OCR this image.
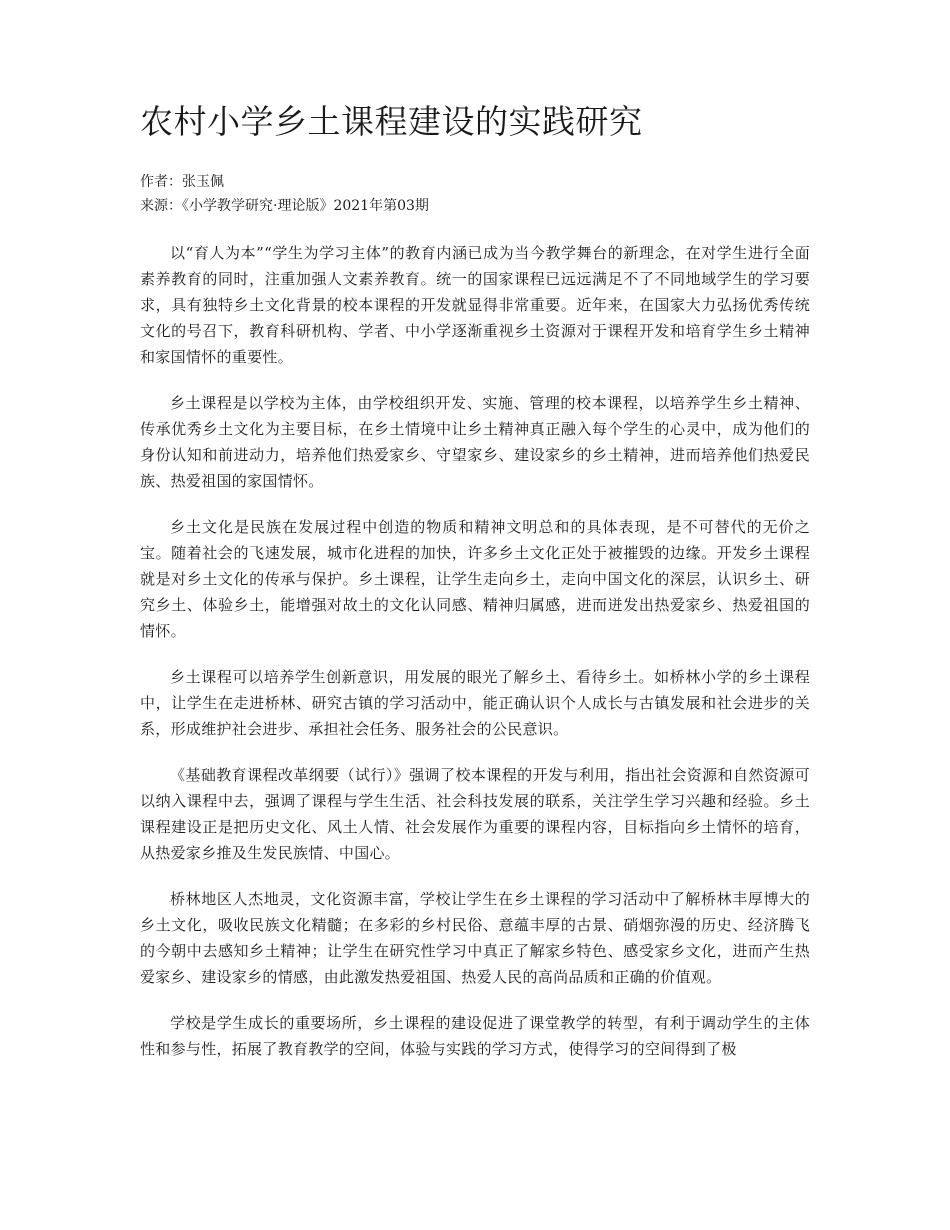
农村小学乡土课程建设的实践研究
作者：张玉佩
来源：《小学教学研究·理论版》2021年第03期

以“育人为本”“学生为学习主体”的教育内涵已成为当今教学舞台的新理念，在对学生进行全面素养教育的同时，注重加强人文素养教育。统一的国家课程已远远满足不了不同地域学生的学习要求，具有独特乡土文化背景的校本课程的开发就显得非常重要。近年来，在国家大力弘扬优秀传统文化的号召下，教育科研机构、学者、中小学逐渐重视乡土资源对于课程开发和培育学生乡土精神和家国情怀的重要性。

乡土课程是以学校为主体，由学校组织开发、实施、管理的校本课程，以培养学生乡土精神、传承优秀乡土文化为主要目标，在乡土情境中让乡土精神真正融入每个学生的心灵中，成为他们的身份认知和前进动力，培养他们热爱家乡、守望家乡、建设家乡的乡土精神，进而培养他们热爱民族、热爱祖国的家国情怀。

乡土文化是民族在发展过程中创造的物质和精神文明总和的具体表现，是不可替代的无价之宝。随着社会的飞速发展，城市化进程的加快，许多乡土文化正处于被摧毁的边缘。开发乡土课程就是对乡土文化的传承与保护。乡土课程，让学生走向乡土，走向中国文化的深层，认识乡土、研究乡土、体验乡土，能增强对故土的文化认同感、精神归属感，进而迸发出热爱家乡、热爱祖国的情怀。

乡土课程可以培养学生创新意识，用发展的眼光了解乡土、看待乡土。如桥林小学的乡土课程中，让学生在走进桥林、研究古镇的学习活动中，能正确认识个人成长与古镇发展和社会进步的关系，形成维护社会进步、承担社会任务、服务社会的公民意识。

《基础教育课程改革纲要（试行）》强调了校本课程的开发与利用，指出社会资源和自然资源可以纳入课程中去，强调了课程与学生生活、社会科技发展的联系，关注学生学习兴趣和经验。乡土课程建设正是把历史文化、风土人情、社会发展作为重要的课程内容，目标指向乡土情怀的培育，从热爱家乡推及生发民族情、中国心。

桥林地区人杰地灵，文化资源丰富，学校让学生在乡土课程的学习活动中了解桥林丰厚博大的乡土文化，吸收民族文化精髓；在多彩的乡村民俗、意蕴丰厚的古景、硝烟弥漫的历史、经济腾飞的今朝中去感知乡土精神；让学生在研究性学习中真正了解家乡特色、感受家乡文化，进而产生热爱家乡、建设家乡的情感，由此激发热爱祖国、热爱人民的高尚品质和正确的价值观。

学校是学生成长的重要场所，乡土课程的建设促进了课堂教学的转型，有利于调动学生的主体性和参与性，拓展了教育教学的空间，体验与实践的学习方式，使得学习的空间得到了极
